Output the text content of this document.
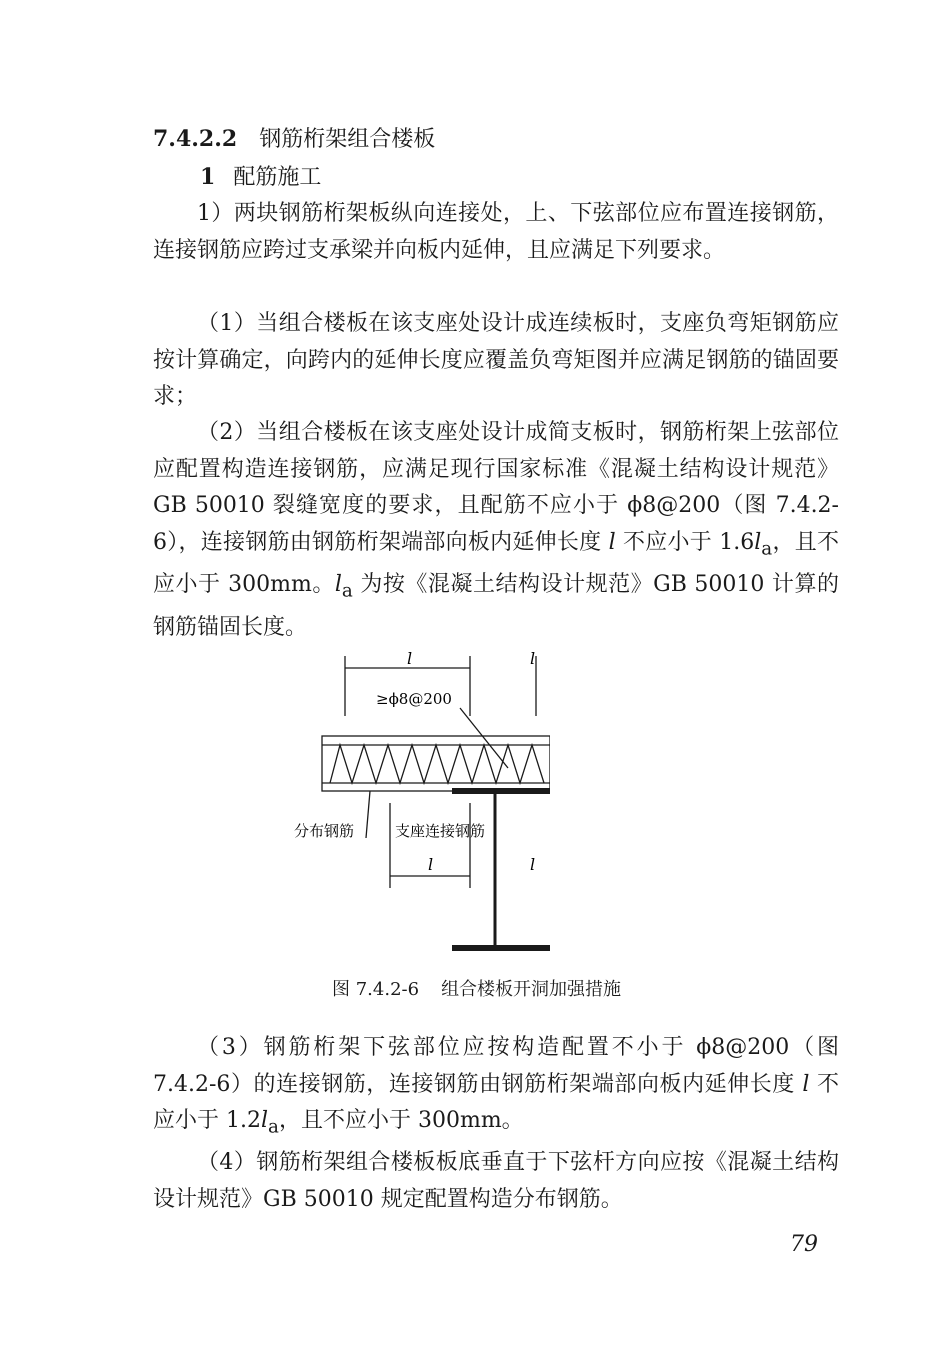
7.4.2.2 钢筋桁架组合楼板
1 配筋施工

1）两块钢筋桁架板纵向连接处，上、下弦部位应布置连接钢筋，连接钢筋应跨过支承梁并向板内延伸，且应满足下列要求。

（1）当组合楼板在该支座处设计成连续板时，支座负弯矩钢筋应按计算确定，向跨内的延伸长度应覆盖负弯矩图并应满足钢筋的锚固要求；

（2）当组合楼板在该支座处设计成简支板时，钢筋桁架上弦部位应配置构造连接钢筋，应满足现行国家标准《混凝土结构设计规范》GB 50010 裂缝宽度的要求，且配筋不应小于 ϕ8@200（图 7.4.2-6），连接钢筋由钢筋桁架端部向板内延伸长度 l 不应小于 $1.6l_a$，且不应小于 300mm。$l_a$ 为按《混凝土结构设计规范》GB 50010 计算的钢筋锚固长度。

l
≥ϕ8@200
分布钢筋	支座连接钢筋
l	l
l
图 7.4.2-6 组合楼板开洞加强措施

（3）钢筋桁架下弦部位应按构造配置不小于 ϕ8@200（图 7.4.2-6）的连接钢筋，连接钢筋由钢筋桁架端部向板内延伸长度 l 不应小于 $1.2l_a$，且不应小于 300mm。

（4）钢筋桁架组合楼板板底垂直于下弦杆方向应按《混凝土结构设计规范》GB 50010 规定配置构造分布钢筋。

79
